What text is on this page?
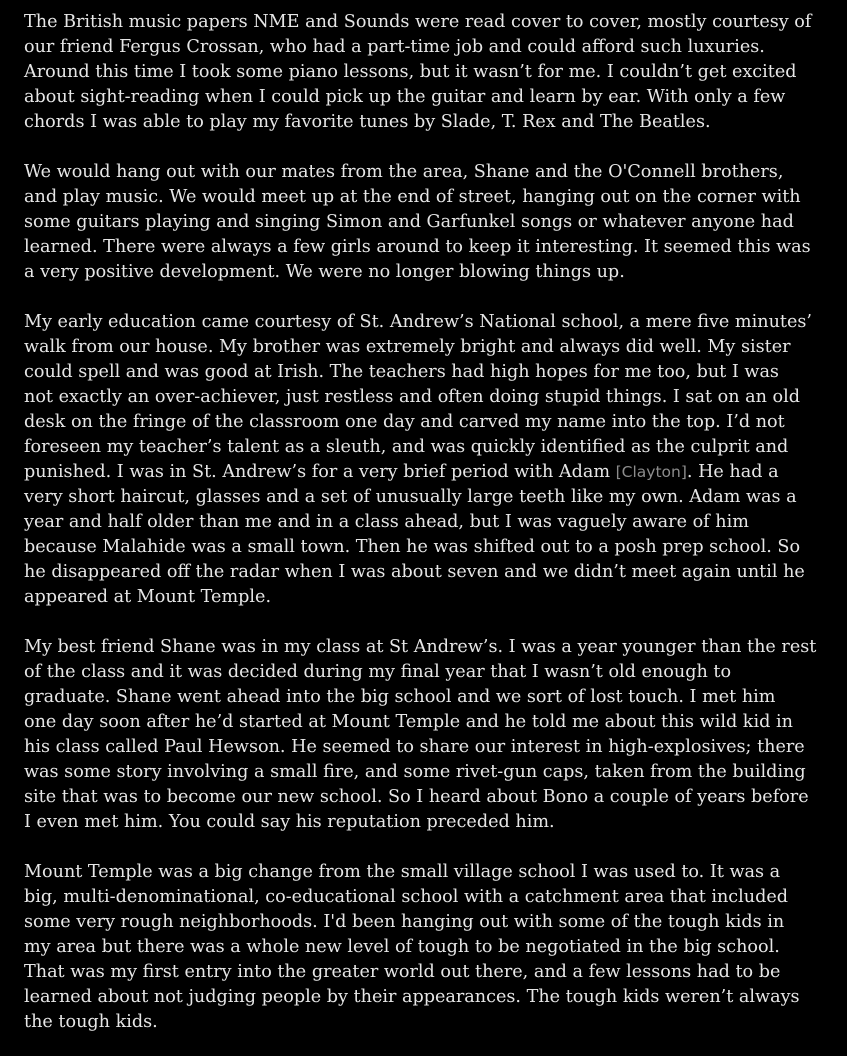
The British music papers NME and Sounds were read cover to cover, mostly courtesy of
our friend Fergus Crossan, who had a part-time job and could afford such luxuries.
Around this time I took some piano lessons, but it wasn’t for me. I couldn’t get excited
about sight-reading when I could pick up the guitar and learn by ear. With only a few
chords I was able to play my favorite tunes by Slade, T. Rex and The Beatles.

We would hang out with our mates from the area, Shane and the O'Connell brothers,
and play music. We would meet up at the end of street, hanging out on the corner with
some guitars playing and singing Simon and Garfunkel songs or whatever anyone had
learned. There were always a few girls around to keep it interesting. It seemed this was
a very positive development. We were no longer blowing things up.

My early education came courtesy of St. Andrew’s National school, a mere five minutes’
walk from our house. My brother was extremely bright and always did well. My sister
could spell and was good at Irish. The teachers had high hopes for me too, but I was
not exactly an over-achiever, just restless and often doing stupid things. I sat on an old
desk on the fringe of the classroom one day and carved my name into the top. I’d not
foreseen my teacher’s talent as a sleuth, and was quickly identified as the culprit and
punished. I was in St. Andrew’s for a very brief period with Adam [Clayton]. He had a
very short haircut, glasses and a set of unusually large teeth like my own. Adam was a
year and half older than me and in a class ahead, but I was vaguely aware of him
because Malahide was a small town. Then he was shifted out to a posh prep school. So
he disappeared off the radar when I was about seven and we didn’t meet again until he
appeared at Mount Temple.

My best friend Shane was in my class at St Andrew’s. I was a year younger than the rest
of the class and it was decided during my final year that I wasn’t old enough to
graduate. Shane went ahead into the big school and we sort of lost touch. I met him
one day soon after he’d started at Mount Temple and he told me about this wild kid in
his class called Paul Hewson. He seemed to share our interest in high-explosives; there
was some story involving a small fire, and some rivet-gun caps, taken from the building
site that was to become our new school. So I heard about Bono a couple of years before
I even met him. You could say his reputation preceded him.

Mount Temple was a big change from the small village school I was used to. It was a
big, multi-denominational, co-educational school with a catchment area that included
some very rough neighborhoods. I'd been hanging out with some of the tough kids in
my area but there was a whole new level of tough to be negotiated in the big school.
That was my first entry into the greater world out there, and a few lessons had to be
learned about not judging people by their appearances. The tough kids weren’t always
the tough kids.
